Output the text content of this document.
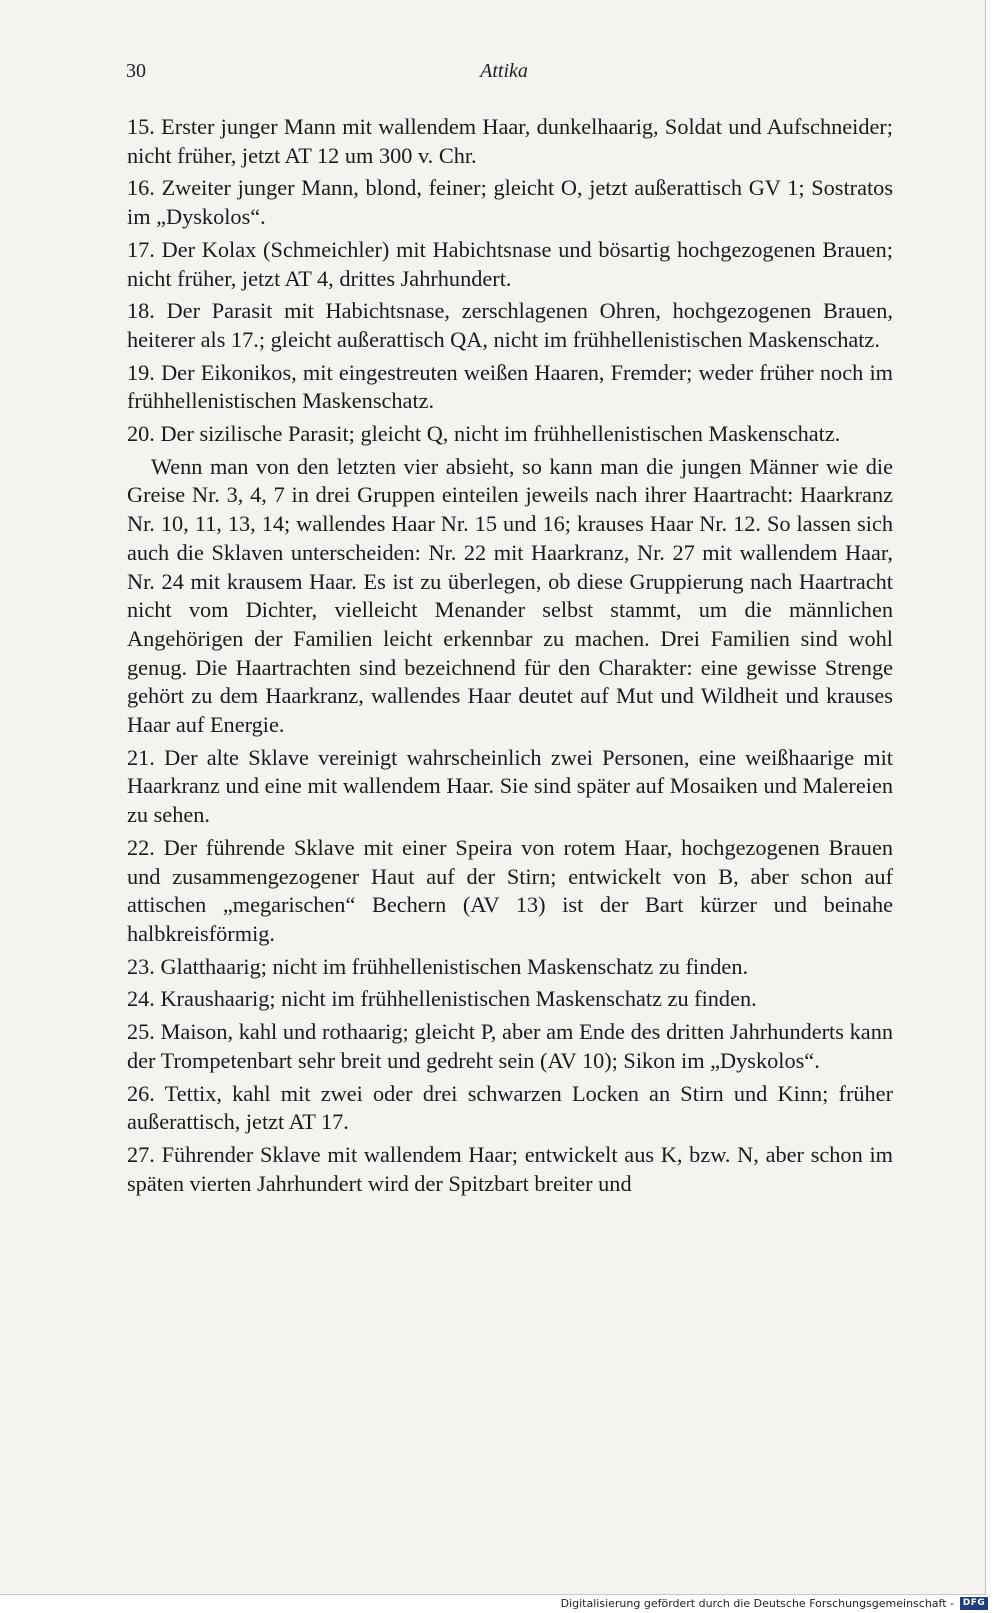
30	Attika

15. Erster junger Mann mit wallendem Haar, dunkelhaarig, Soldat und Aufschneider; nicht früher, jetzt AT 12 um 300 v. Chr.

16. Zweiter junger Mann, blond, feiner; gleicht O, jetzt außerattisch GV 1; Sostratos im „Dyskolos“.

17. Der Kolax (Schmeichler) mit Habichtsnase und bösartig hochgezogenen Brauen; nicht früher, jetzt AT 4, drittes Jahrhundert.

18. Der Parasit mit Habichtsnase, zerschlagenen Ohren, hochgezogenen Brauen, heiterer als 17.; gleicht außerattisch QA, nicht im frühhellenistischen Maskenschatz.

19. Der Eikonikos, mit eingestreuten weißen Haaren, Fremder; weder früher noch im frühhellenistischen Maskenschatz.

20. Der sizilische Parasit; gleicht Q, nicht im frühhellenistischen Maskenschatz.

Wenn man von den letzten vier absieht, so kann man die jungen Männer wie die Greise Nr. 3, 4, 7 in drei Gruppen einteilen jeweils nach ihrer Haartracht: Haarkranz Nr. 10, 11, 13, 14; wallendes Haar Nr. 15 und 16; krauses Haar Nr. 12. So lassen sich auch die Sklaven unterscheiden: Nr. 22 mit Haarkranz, Nr. 27 mit wallendem Haar, Nr. 24 mit krausem Haar. Es ist zu überlegen, ob diese Gruppierung nach Haartracht nicht vom Dichter, vielleicht Menander selbst stammt, um die männlichen Angehörigen der Familien leicht erkennbar zu machen. Drei Familien sind wohl genug. Die Haartrachten sind bezeichnend für den Charakter: eine gewisse Strenge gehört zu dem Haarkranz, wallendes Haar deutet auf Mut und Wildheit und krauses Haar auf Energie.

21. Der alte Sklave vereinigt wahrscheinlich zwei Personen, eine weißhaarige mit Haarkranz und eine mit wallendem Haar. Sie sind später auf Mosaiken und Malereien zu sehen.

22. Der führende Sklave mit einer Speira von rotem Haar, hochgezogenen Brauen und zusammengezogener Haut auf der Stirn; entwickelt von B, aber schon auf attischen „megarischen“ Bechern (AV 13) ist der Bart kürzer und beinahe halbkreisförmig.

23. Glatthaarig; nicht im frühhellenistischen Maskenschatz zu finden.

24. Kraushaarig; nicht im frühhellenistischen Maskenschatz zu finden.

25. Maison, kahl und rothaarig; gleicht P, aber am Ende des dritten Jahrhunderts kann der Trompetenbart sehr breit und gedreht sein (AV 10); Sikon im „Dyskolos“.

26. Tettix, kahl mit zwei oder drei schwarzen Locken an Stirn und Kinn; früher außerattisch, jetzt AT 17.

27. Führender Sklave mit wallendem Haar; entwickelt aus K, bzw. N, aber schon im späten vierten Jahrhundert wird der Spitzbart breiter und

Digitalisierung gefördert durch die Deutsche Forschungsgemeinschaft - DFG
